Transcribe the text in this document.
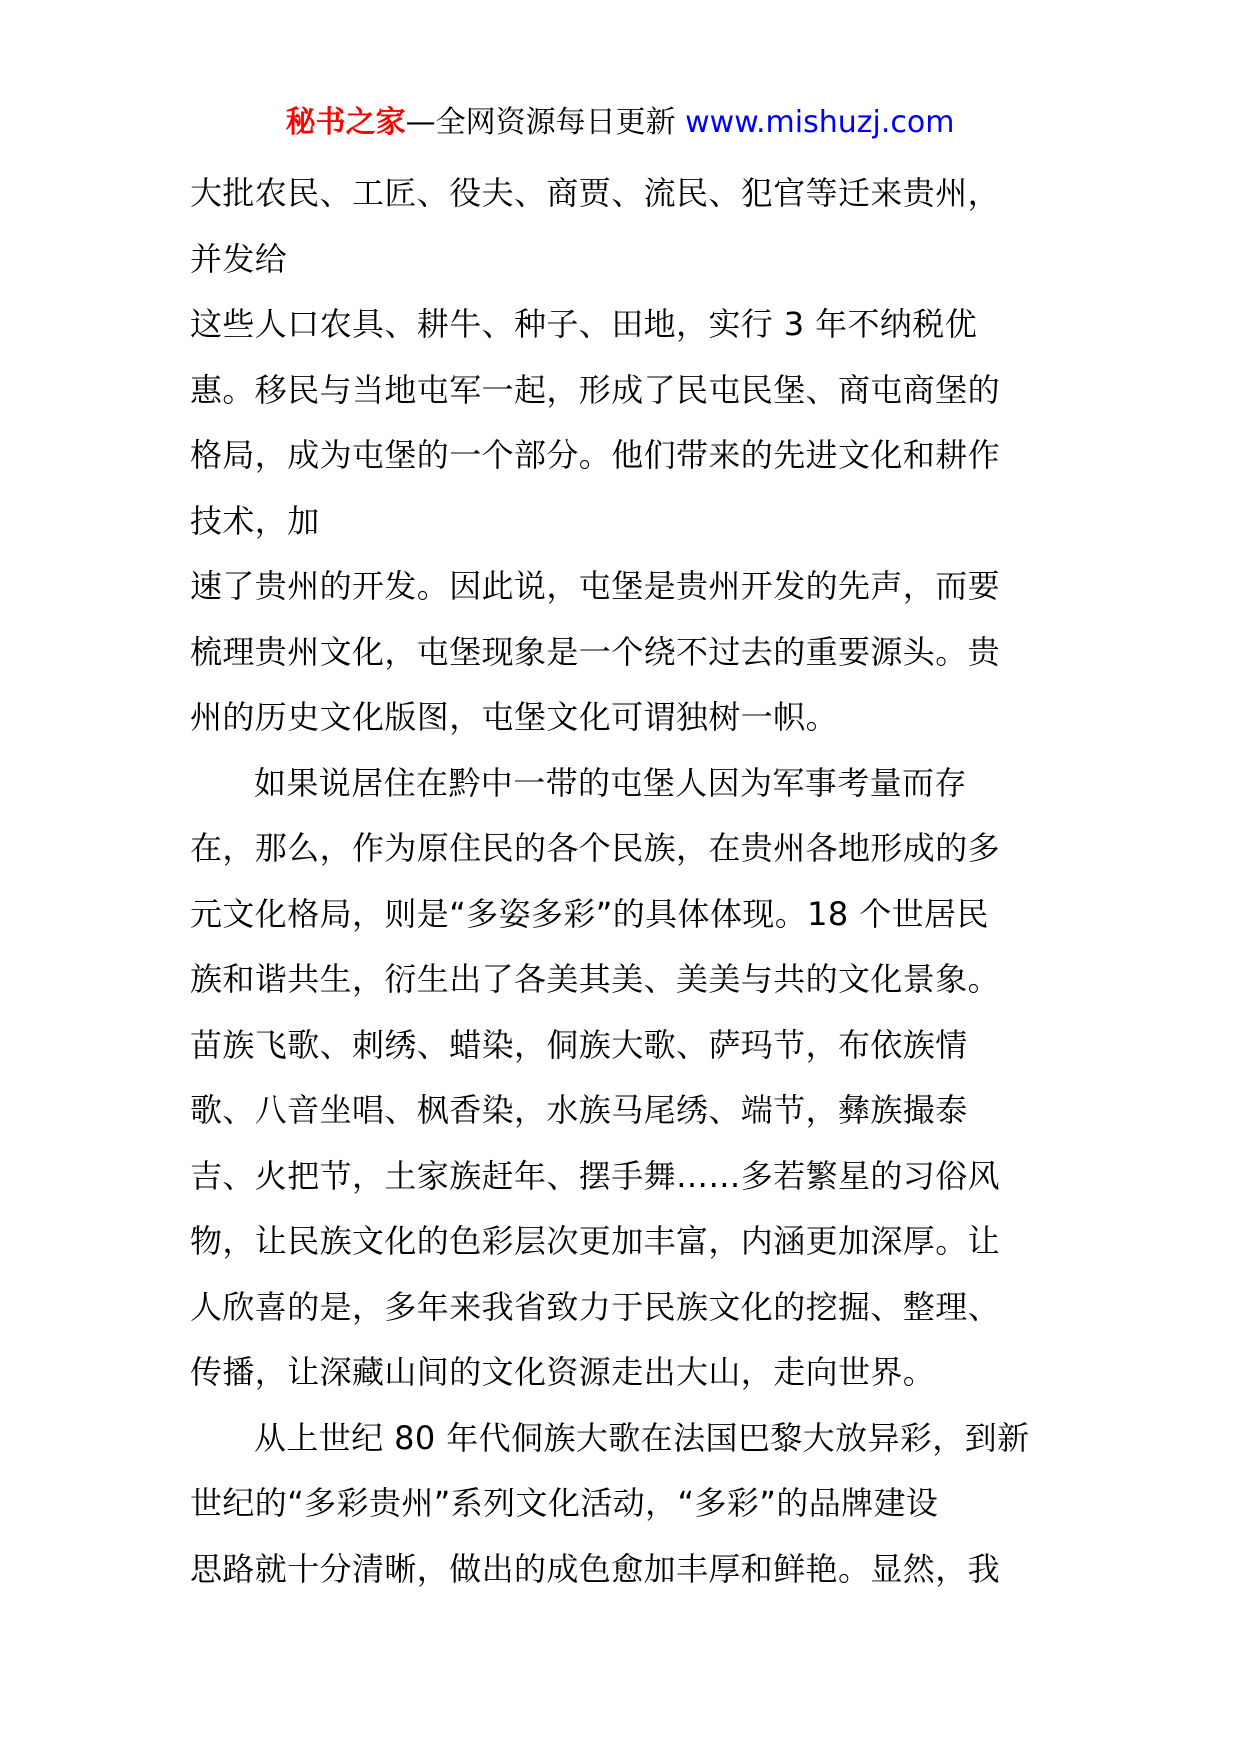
秘书之家—全网资源每日更新 www.mishuzj.com
大批农民、工匠、役夫、商贾、流民、犯官等迁来贵州，
并发给
这些人口农具、耕牛、种子、田地，实行 3 年不纳税优
惠。移民与当地屯军一起，形成了民屯民堡、商屯商堡的
格局，成为屯堡的一个部分。他们带来的先进文化和耕作
技术，加
速了贵州的开发。因此说，屯堡是贵州开发的先声，而要
梳理贵州文化，屯堡现象是一个绕不过去的重要源头。贵
州的历史文化版图，屯堡文化可谓独树一帜。
如果说居住在黔中一带的屯堡人因为军事考量而存
在，那么，作为原住民的各个民族，在贵州各地形成的多
元文化格局，则是“多姿多彩”的具体体现。18 个世居民
族和谐共生，衍生出了各美其美、美美与共的文化景象。
苗族飞歌、刺绣、蜡染，侗族大歌、萨玛节，布依族情
歌、八音坐唱、枫香染，水族马尾绣、端节，彝族撮泰
吉、火把节，土家族赶年、摆手舞……多若繁星的习俗风
物，让民族文化的色彩层次更加丰富，内涵更加深厚。让
人欣喜的是，多年来我省致力于民族文化的挖掘、整理、
传播，让深藏山间的文化资源走出大山，走向世界。
从上世纪 80 年代侗族大歌在法国巴黎大放异彩，到新
世纪的“多彩贵州”系列文化活动，“多彩”的品牌建设
思路就十分清晰，做出的成色愈加丰厚和鲜艳。显然，我
